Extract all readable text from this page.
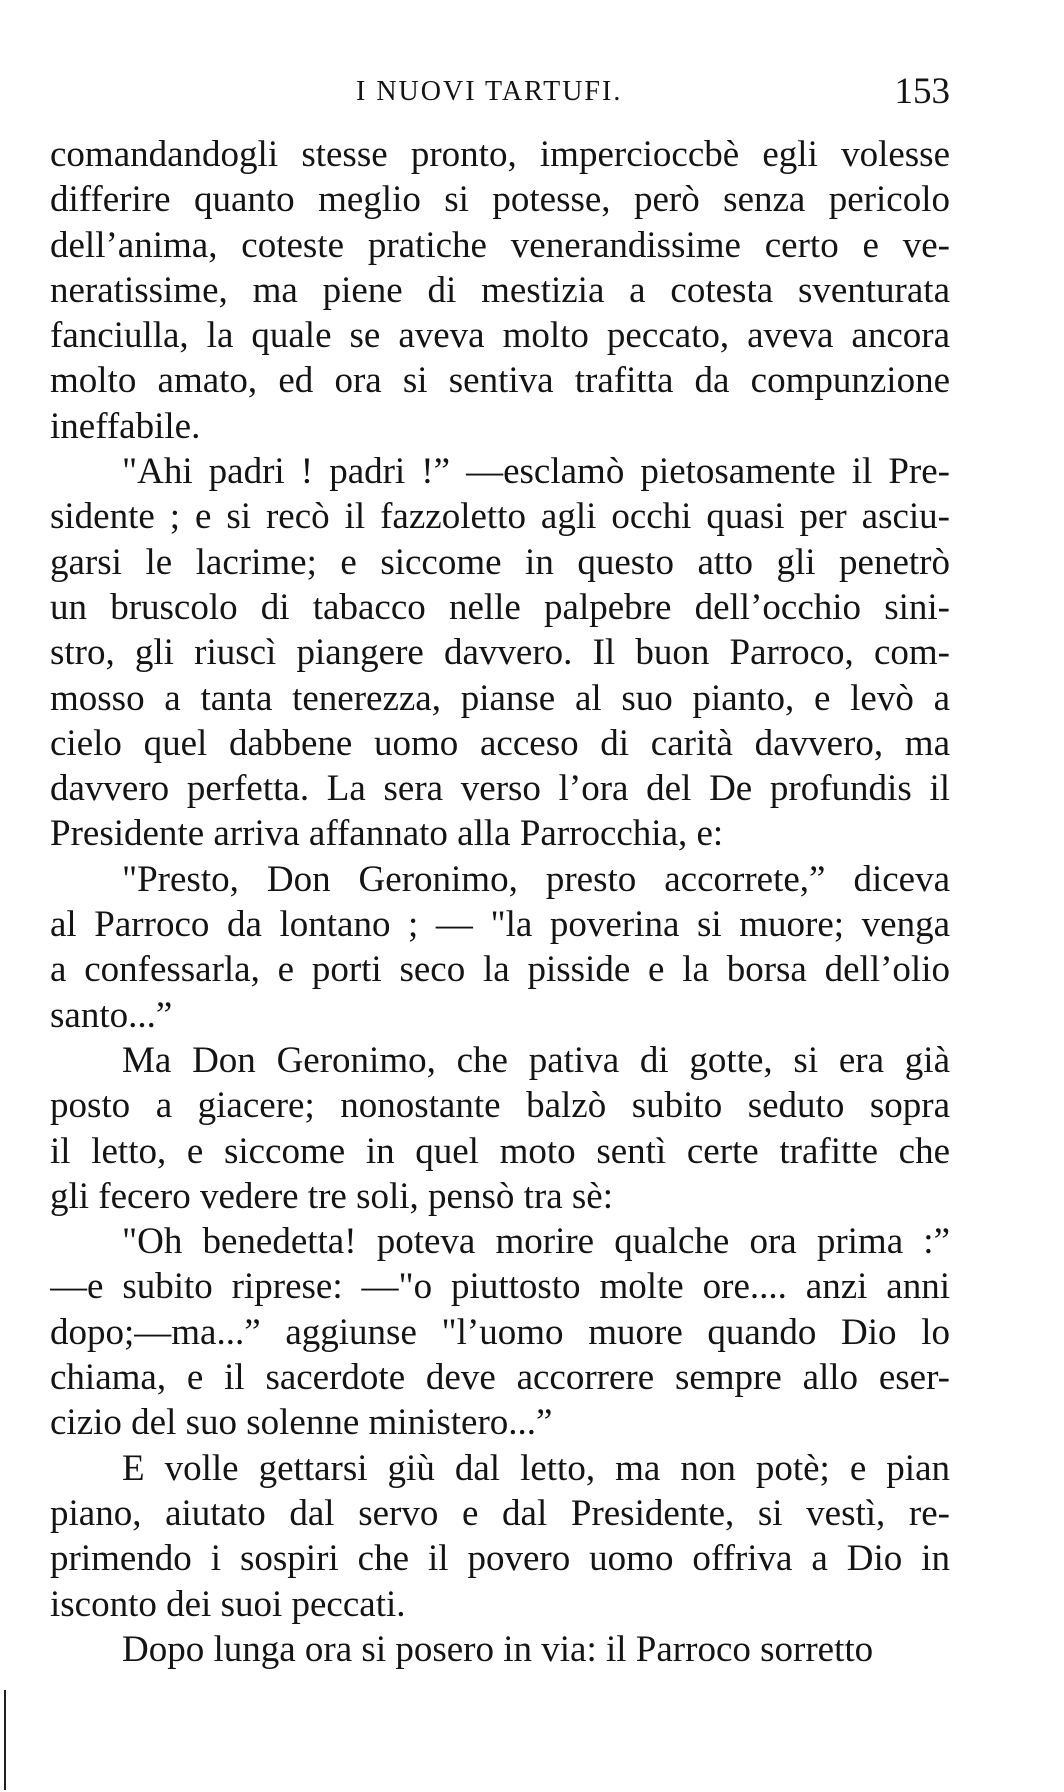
I NUOVI TARTUFI.	153
comandandogli stesse pronto, impercioccbè egli volesse
differire quanto meglio si potesse, però senza pericolo
dell’anima, coteste pratiche venerandissime certo e ve-
neratissime, ma piene di mestizia a cotesta sventurata
fanciulla, la quale se aveva molto peccato, aveva ancora
molto amato, ed ora si sentiva trafitta da compunzione
ineffabile.
"Ahi padri ! padri !” —esclamò pietosamente il Pre-
sidente ; e si recò il fazzoletto agli occhi quasi per asciu-
garsi le lacrime; e siccome in questo atto gli penetrò
un bruscolo di tabacco nelle palpebre dell’occhio sini-
stro, gli riuscì piangere davvero. Il buon Parroco, com-
mosso a tanta tenerezza, pianse al suo pianto, e levò a
cielo quel dabbene uomo acceso di carità davvero, ma
davvero perfetta. La sera verso l’ora del De profundis il
Presidente arriva affannato alla Parrocchia, e:
"Presto, Don Geronimo, presto accorrete,” diceva
al Parroco da lontano ; — "la poverina si muore; venga
a confessarla, e porti seco la pisside e la borsa dell’olio
santo...”
Ma Don Geronimo, che pativa di gotte, si era già
posto a giacere; nonostante balzò subito seduto sopra
il letto, e siccome in quel moto sentì certe trafitte che
gli fecero vedere tre soli, pensò tra sè:
"Oh benedetta! poteva morire qualche ora prima :”
—e subito riprese: —"o piuttosto molte ore.... anzi anni
dopo;—ma...” aggiunse "l’uomo muore quando Dio lo
chiama, e il sacerdote deve accorrere sempre allo eser-
cizio del suo solenne ministero...”
E volle gettarsi giù dal letto, ma non potè; e pian
piano, aiutato dal servo e dal Presidente, si vestì, re-
primendo i sospiri che il povero uomo offriva a Dio in
isconto dei suoi peccati.
Dopo lunga ora si posero in via: il Parroco sorretto
